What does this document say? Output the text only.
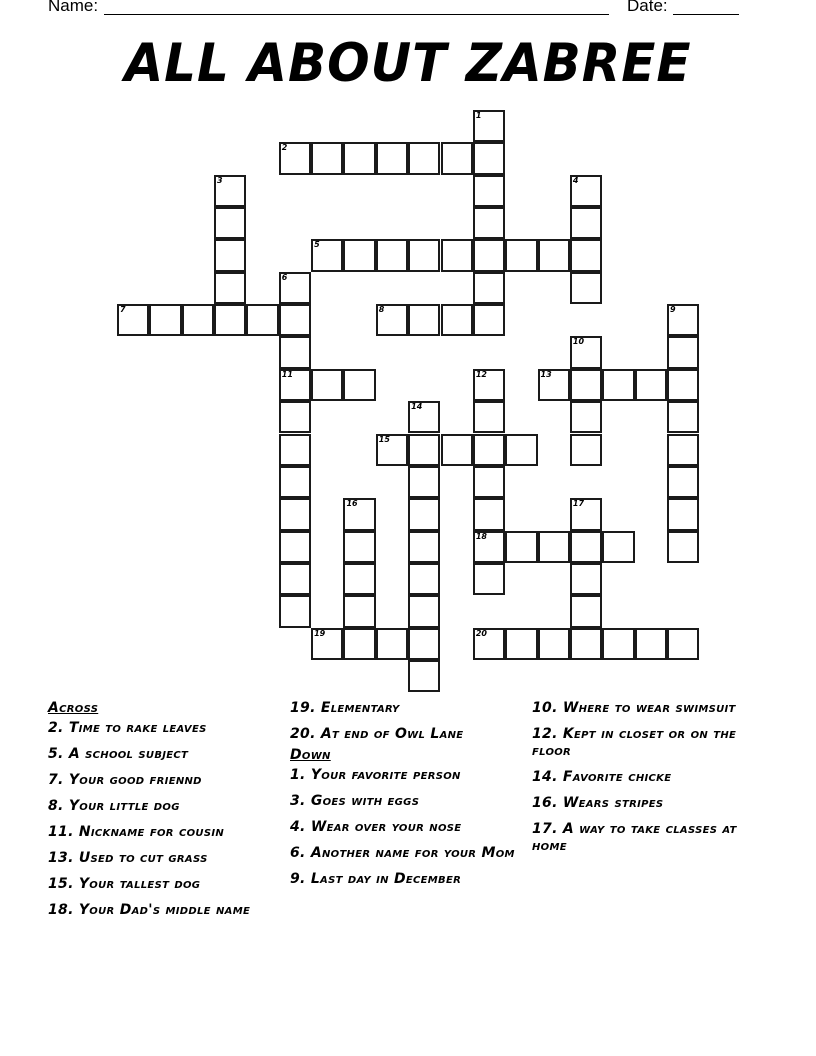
Name:	Date:
ALL ABOUT ZABREE
1
2
3	4
5
6
11
7	8	9
10
12
18
13
14
15
16	17
19	20
Across
2. Time to rake leaves
5. A school subject
7. Your good friennd
8. Your little dog
11. Nickname for cousin
13. Used to cut grass
15. Your tallest dog
18. Your Dad's middle name
19. Elementary
20. At end of Owl Lane
Down
1. Your favorite person
3. Goes with eggs
4. Wear over your nose
6. Another name for your Mom
9. Last day in December
10. Where to wear swimsuit
12. Kept in closet or on the floor
14. Favorite chicke
16. Wears stripes
17. A way to take classes at home
